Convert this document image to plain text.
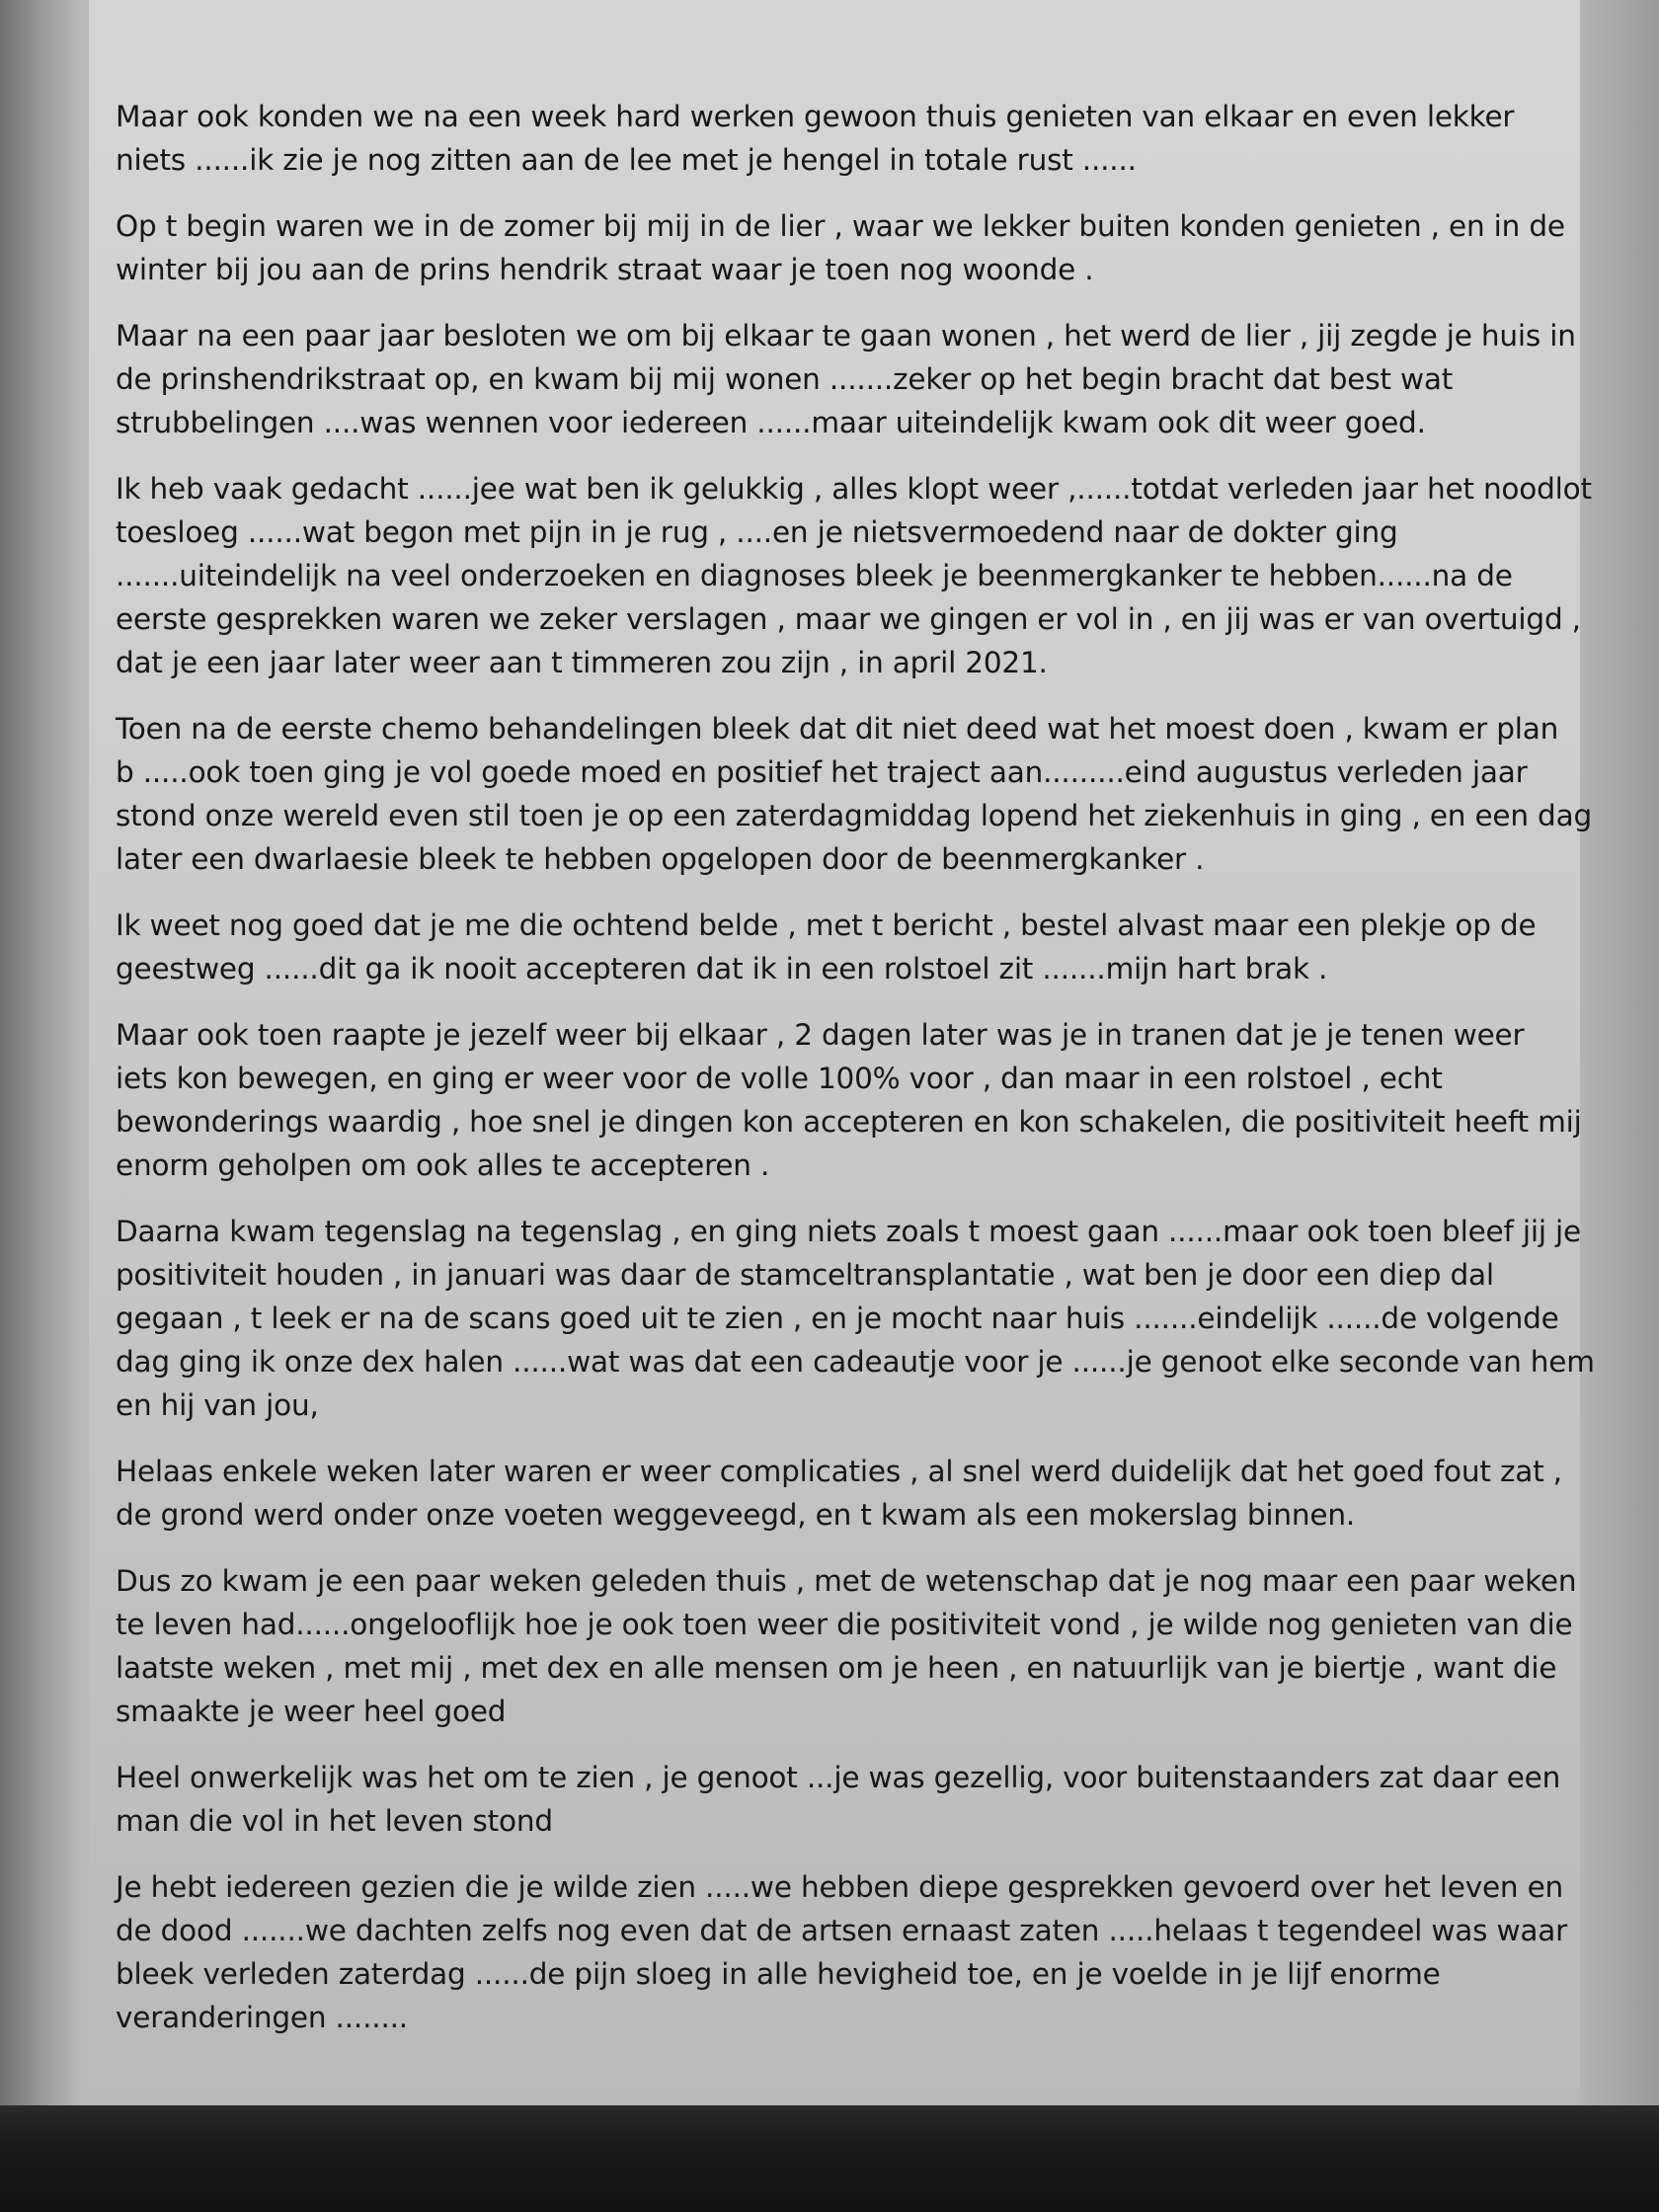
Maar ook konden we na een week hard werken gewoon thuis genieten van elkaar en even lekker
niets ......ik zie je nog zitten aan de lee met je hengel in totale rust ......

Op t begin waren we in de zomer bij mij in de lier , waar we lekker buiten konden genieten , en in de
winter bij jou aan de prins hendrik straat waar je toen nog woonde .

Maar na een paar jaar besloten we om bij elkaar te gaan wonen , het werd de lier , jij zegde je huis in
de prinshendrikstraat op, en kwam bij mij wonen .......zeker op het begin bracht dat best wat
strubbelingen ....was wennen voor iedereen ......maar uiteindelijk kwam ook dit weer goed.

Ik heb vaak gedacht ......jee wat ben ik gelukkig , alles klopt weer ,......totdat verleden jaar het noodlot
toesloeg ......wat begon met pijn in je rug , ....en je nietsvermoedend naar de dokter ging
.......uiteindelijk na veel onderzoeken en diagnoses bleek je beenmergkanker te hebben......na de
eerste gesprekken waren we zeker verslagen , maar we gingen er vol in , en jij was er van overtuigd ,
dat je een jaar later weer aan t timmeren zou zijn , in april 2021.

Toen na de eerste chemo behandelingen bleek dat dit niet deed wat het moest doen , kwam er plan
b .....ook toen ging je vol goede moed en positief het traject aan.........eind augustus verleden jaar
stond onze wereld even stil toen je op een zaterdagmiddag lopend het ziekenhuis in ging , en een dag
later een dwarlaesie bleek te hebben opgelopen door de beenmergkanker .

Ik weet nog goed dat je me die ochtend belde , met t bericht , bestel alvast maar een plekje op de
geestweg ......dit ga ik nooit accepteren dat ik in een rolstoel zit .......mijn hart brak .

Maar ook toen raapte je jezelf weer bij elkaar , 2 dagen later was je in tranen dat je je tenen weer
iets kon bewegen, en ging er weer voor de volle 100% voor , dan maar in een rolstoel , echt
bewonderings waardig , hoe snel je dingen kon accepteren en kon schakelen, die positiviteit heeft mij
enorm geholpen om ook alles te accepteren .

Daarna kwam tegenslag na tegenslag , en ging niets zoals t moest gaan ......maar ook toen bleef jij je
positiviteit houden , in januari was daar de stamceltransplantatie , wat ben je door een diep dal
gegaan , t leek er na de scans goed uit te zien , en je mocht naar huis .......eindelijk ......de volgende
dag ging ik onze dex halen ......wat was dat een cadeautje voor je ......je genoot elke seconde van hem
en hij van jou,

Helaas enkele weken later waren er weer complicaties , al snel werd duidelijk dat het goed fout zat ,
de grond werd onder onze voeten weggeveegd, en t kwam als een mokerslag binnen.

Dus zo kwam je een paar weken geleden thuis , met de wetenschap dat je nog maar een paar weken
te leven had......ongelooflijk hoe je ook toen weer die positiviteit vond , je wilde nog genieten van die
laatste weken , met mij , met dex en alle mensen om je heen , en natuurlijk van je biertje , want die
smaakte je weer heel goed

Heel onwerkelijk was het om te zien , je genoot ...je was gezellig, voor buitenstaanders zat daar een
man die vol in het leven stond

Je hebt iedereen gezien die je wilde zien .....we hebben diepe gesprekken gevoerd over het leven en
de dood .......we dachten zelfs nog even dat de artsen ernaast zaten .....helaas t tegendeel was waar
bleek verleden zaterdag ......de pijn sloeg in alle hevigheid toe, en je voelde in je lijf enorme
veranderingen ........
